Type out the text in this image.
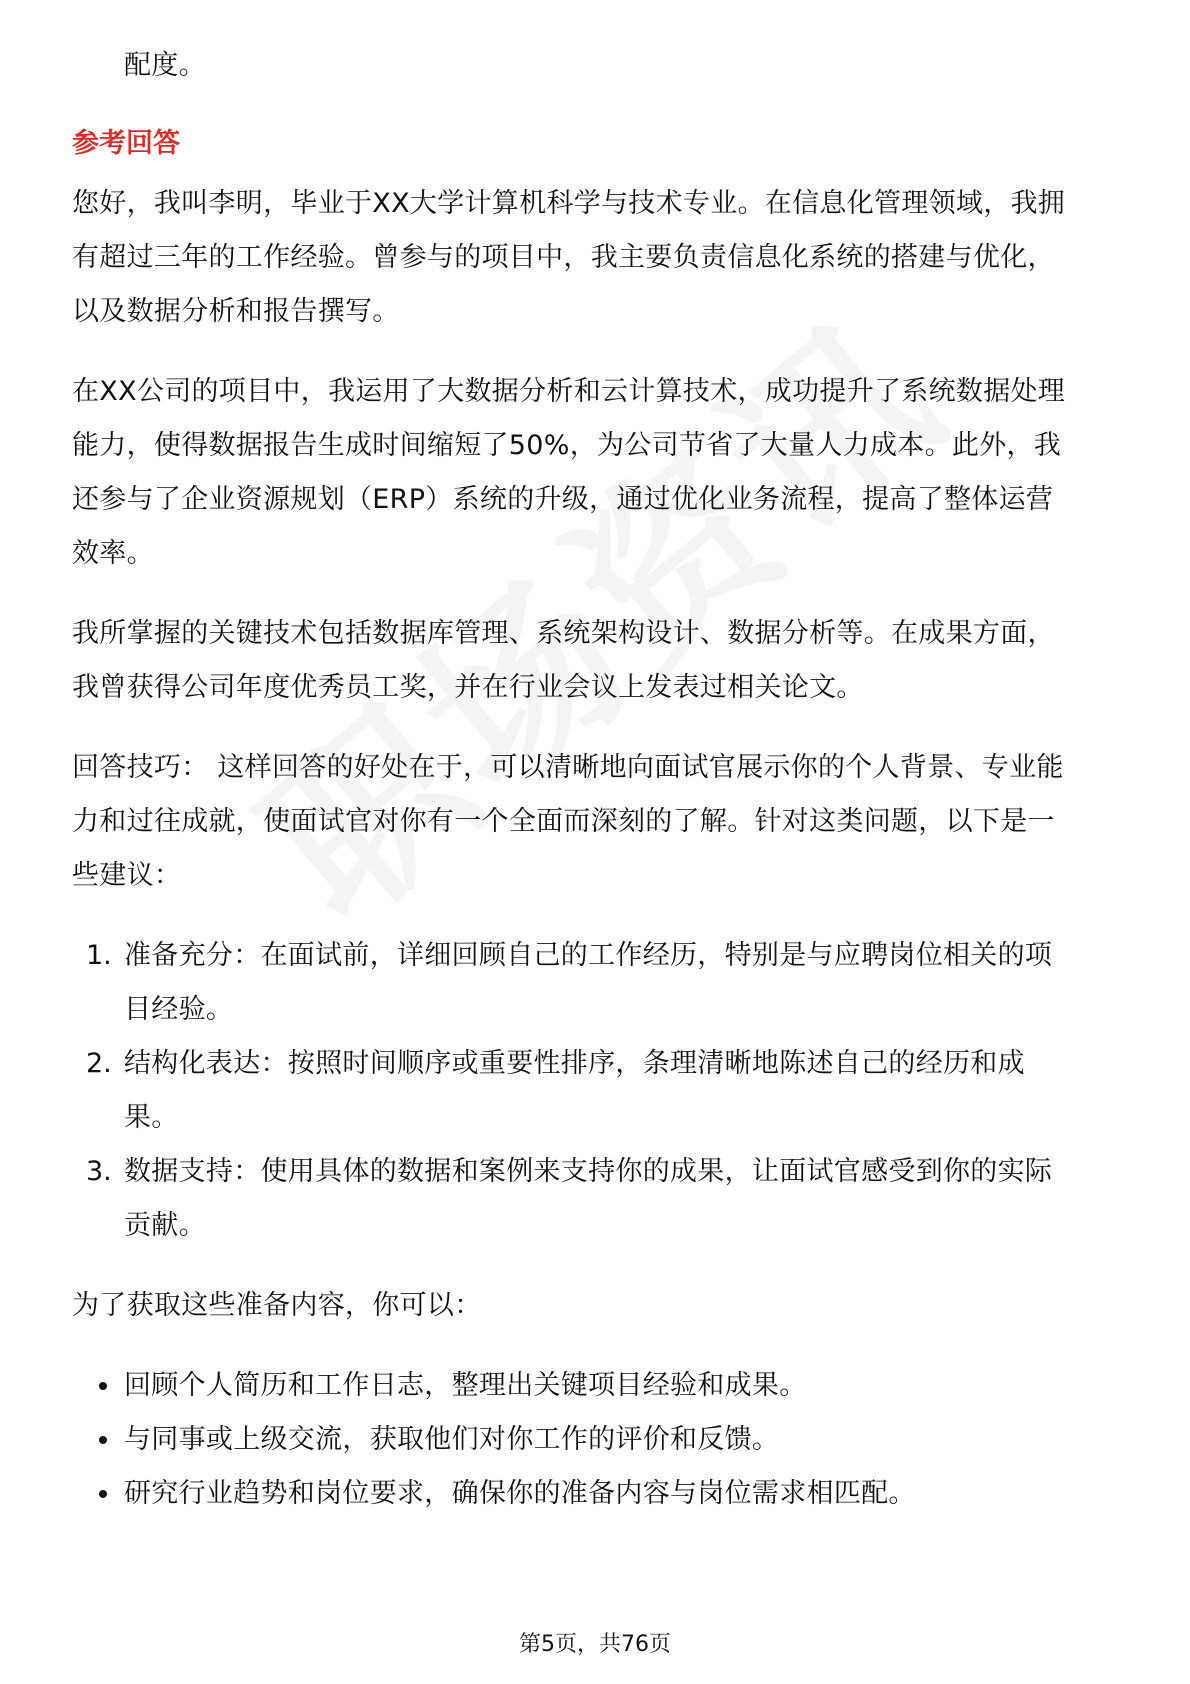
配度。
参考回答
您好，我叫李明，毕业于XX大学计算机科学与技术专业。在信息化管理领域，我拥
有超过三年的工作经验。曾参与的项目中，我主要负责信息化系统的搭建与优化，
以及数据分析和报告撰写。
在XX公司的项目中，我运用了大数据分析和云计算技术，成功提升了系统数据处理
能力，使得数据报告生成时间缩短了50%，为公司节省了大量人力成本。此外，我
还参与了企业资源规划（ERP）系统的升级，通过优化业务流程，提高了整体运营
效率。
我所掌握的关键技术包括数据库管理、系统架构设计、数据分析等。在成果方面，
我曾获得公司年度优秀员工奖，并在行业会议上发表过相关论文。
回答技巧： 这样回答的好处在于，可以清晰地向面试官展示你的个人背景、专业能
力和过往成就，使面试官对你有一个全面而深刻的了解。针对这类问题，以下是一
些建议：
1. 准备充分：在面试前，详细回顾自己的工作经历，特别是与应聘岗位相关的项
目经验。
2. 结构化表达：按照时间顺序或重要性排序，条理清晰地陈述自己的经历和成
果。
3. 数据支持：使用具体的数据和案例来支持你的成果，让面试官感受到你的实际
贡献。
为了获取这些准备内容，你可以：
回顾个人简历和工作日志，整理出关键项目经验和成果。
与同事或上级交流，获取他们对你工作的评价和反馈。
研究行业趋势和岗位要求，确保你的准备内容与岗位需求相匹配。
第5页，共76页
